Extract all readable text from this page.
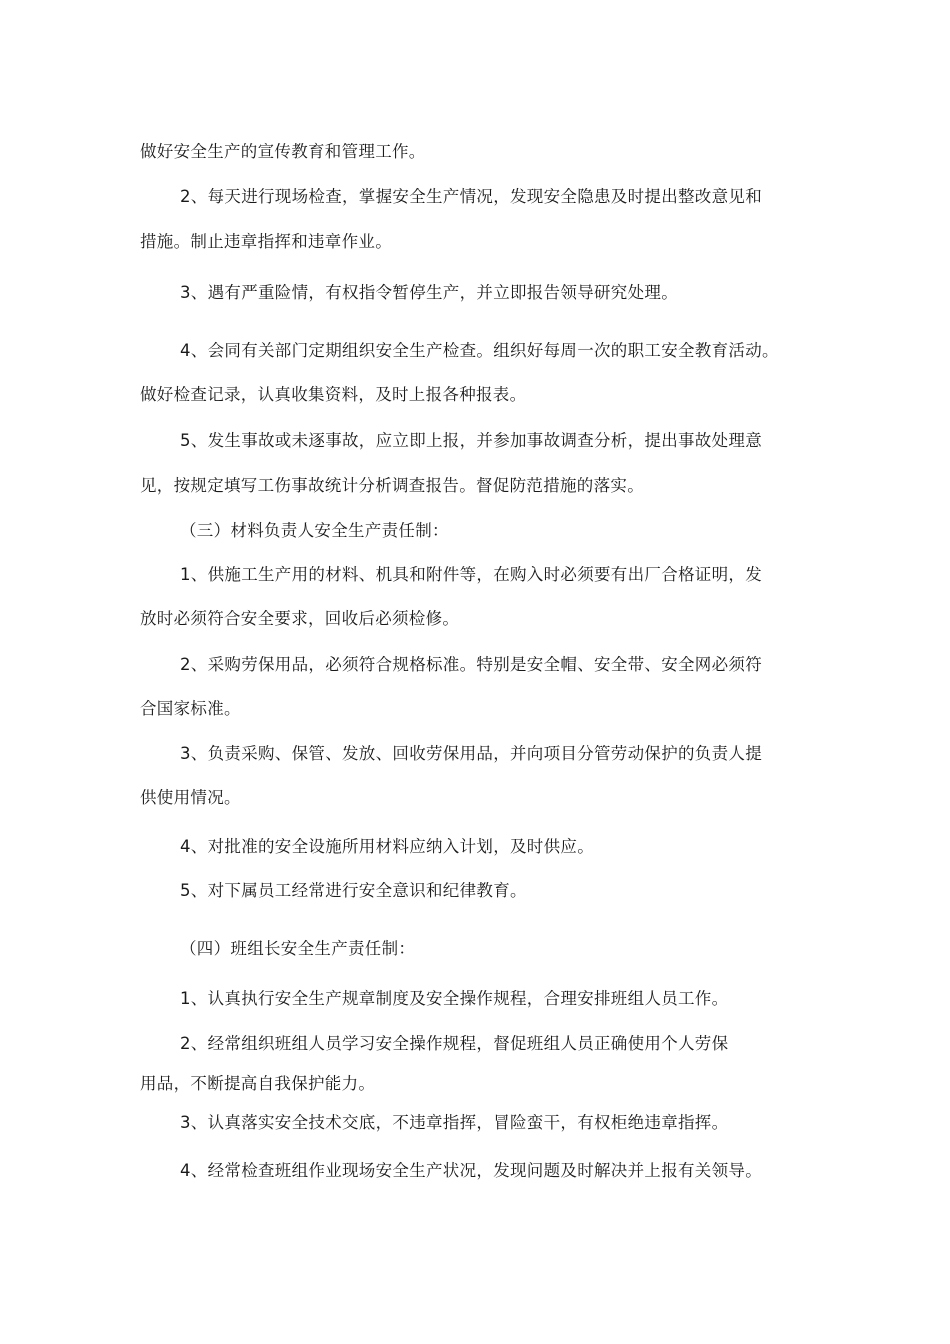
做好安全生产的宣传教育和管理工作。
2、每天进行现场检查，掌握安全生产情况，发现安全隐患及时提出整改意见和
措施。制止违章指挥和违章作业。
3、遇有严重险情，有权指令暂停生产，并立即报告领导研究处理。
4、会同有关部门定期组织安全生产检查。组织好每周一次的职工安全教育活动。
做好检查记录，认真收集资料，及时上报各种报表。
5、发生事故或未逐事故，应立即上报，并参加事故调查分析，提出事故处理意
见，按规定填写工伤事故统计分析调查报告。督促防范措施的落实。
（三）材料负责人安全生产责任制：
1、供施工生产用的材料、机具和附件等，在购入时必须要有出厂合格证明，发
放时必须符合安全要求，回收后必须检修。
2、采购劳保用品，必须符合规格标准。特别是安全帽、安全带、安全网必须符
合国家标准。
3、负责采购、保管、发放、回收劳保用品，并向项目分管劳动保护的负责人提
供使用情况。
4、对批准的安全设施所用材料应纳入计划，及时供应。
5、对下属员工经常进行安全意识和纪律教育。
（四）班组长安全生产责任制：
1、认真执行安全生产规章制度及安全操作规程，合理安排班组人员工作。
2、经常组织班组人员学习安全操作规程，督促班组人员正确使用个人劳保
用品，不断提高自我保护能力。
3、认真落实安全技术交底，不违章指挥，冒险蛮干，有权柜绝违章指挥。
4、经常检查班组作业现场安全生产状况，发现问题及时解决并上报有关领导。
